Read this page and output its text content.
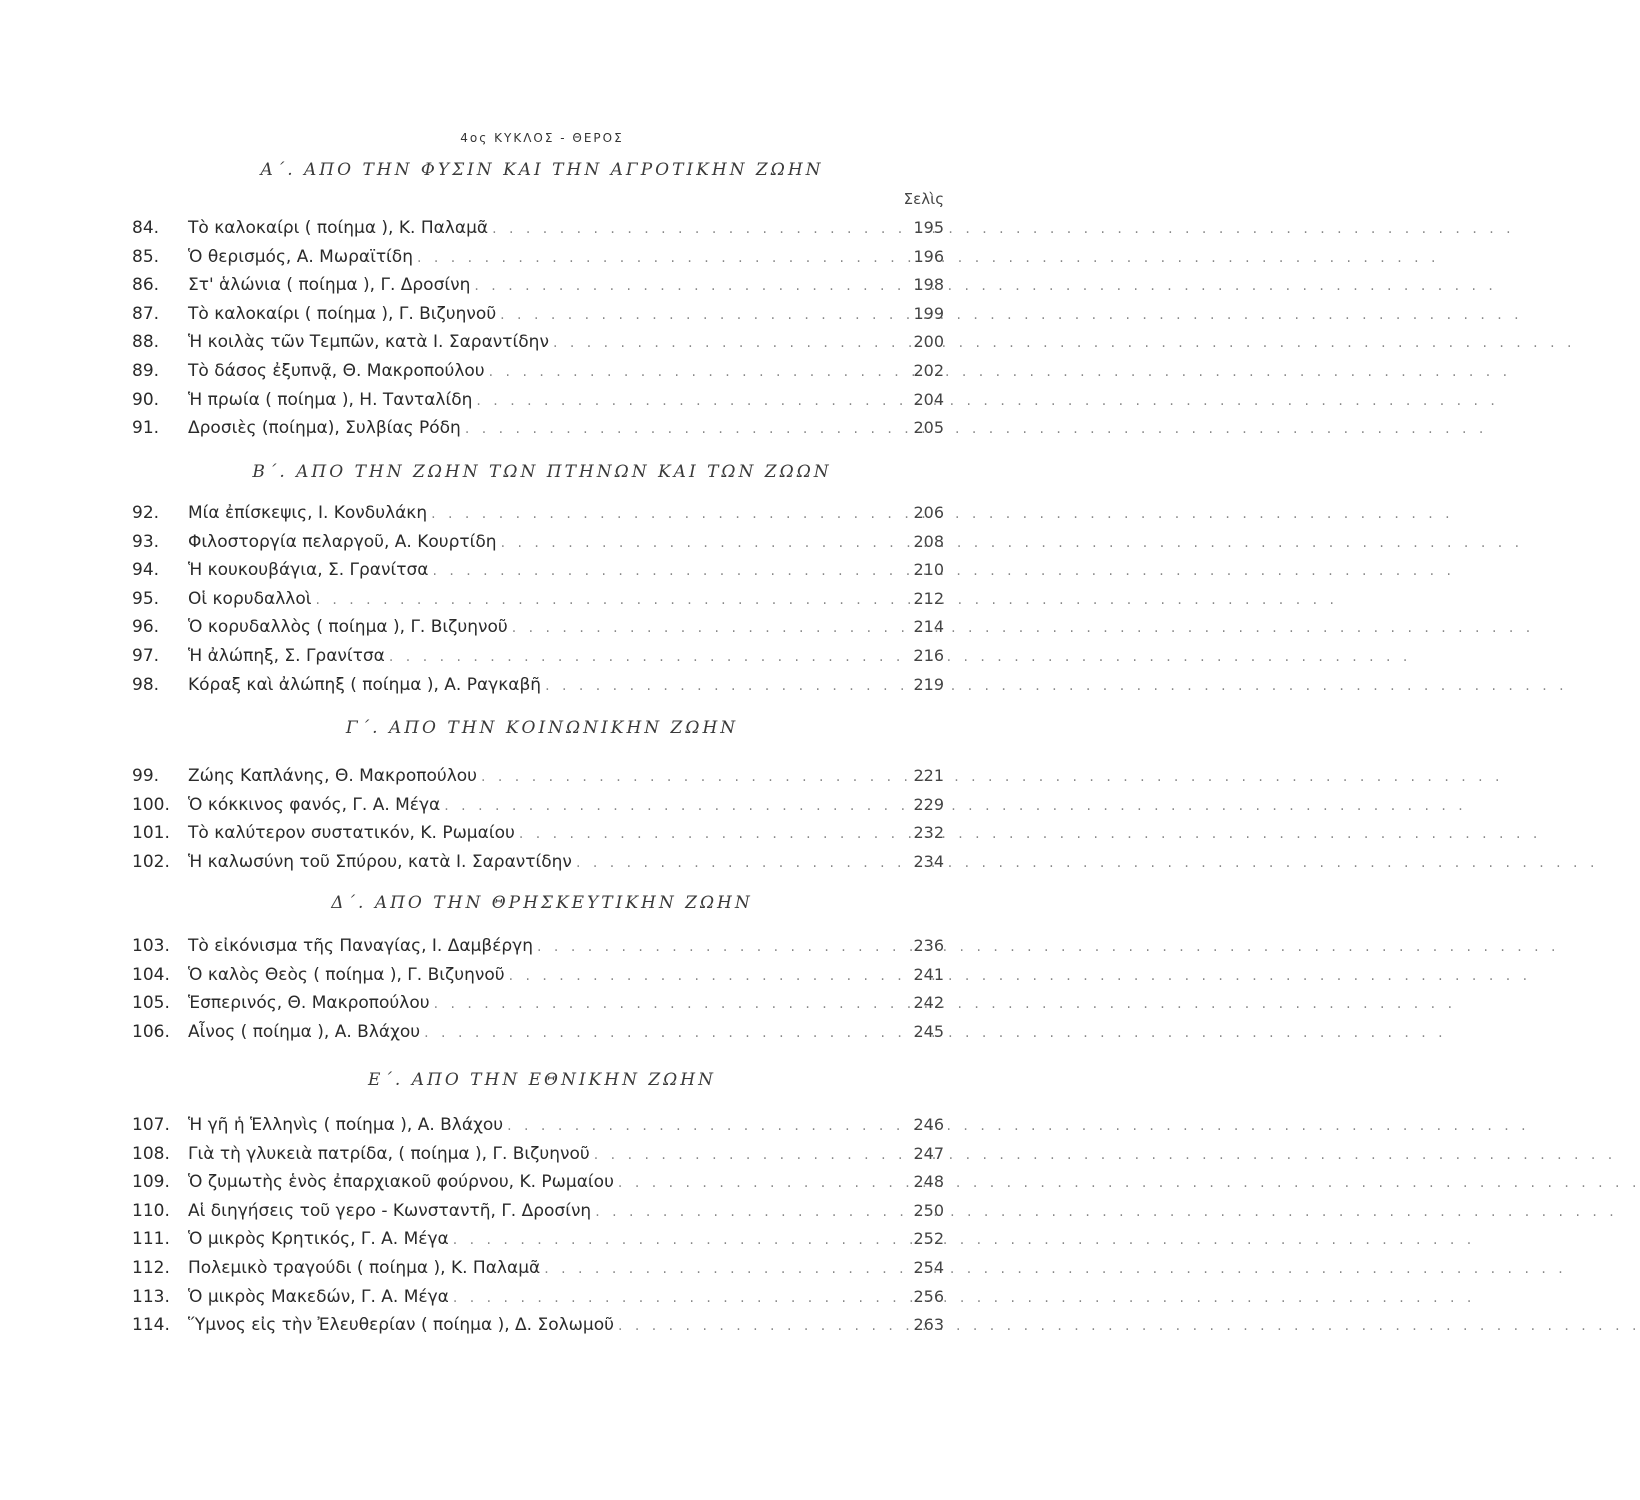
4ος ΚΥΚΛΟΣ - ΘΕΡΟΣ
Σελὶς
Α΄. ΑΠΟ ΤΗΝ ΦΥΣΙΝ ΚΑΙ ΤΗΝ ΑΓΡΟΤΙΚΗΝ ΖΩΗΝ
84.	Τὸ καλοκαίρι ( ποίημα ), Κ. Παλαμᾶ . . .	195
85.	Ὁ θερισμός, Α. Μωραϊτίδη . . .	196
86.	Στ' ἁλώνια ( ποίημα ), Γ. Δροσίνη . . .	198
87.	Τὸ καλοκαίρι ( ποίημα ), Γ. Βιζυηνοῦ . . .	199
88.	Ἡ κοιλὰς τῶν Τεμπῶν, κατὰ Ι. Σαραντίδην . . .	200
89.	Τὸ δάσος ἐξυπνᾷ, Θ. Μακροπούλου . . .	202
90.	Ἡ πρωία ( ποίημα ), Η. Τανταλίδη . . .	204
91.	Δροσιὲς (ποίημα), Συλβίας Ρόδη . . .	205
Β΄. ΑΠΟ ΤΗΝ ΖΩΗΝ ΤΩΝ ΠΤΗΝΩΝ ΚΑΙ ΤΩΝ ΖΩΩΝ
92.	Μία ἐπίσκεψις, Ι. Κονδυλάκη . . .	206
93.	Φιλοστοργία πελαργοῦ, Α. Κουρτίδη . . .	208
94.	Ἡ κουκουβάγια, Σ. Γρανίτσα . . .	210
95.	Οἱ κορυδαλλοὶ . . .	212
96.	Ὁ κορυδαλλὸς ( ποίημα ), Γ. Βιζυηνοῦ . . .	214
97.	Ἡ ἀλώπηξ, Σ. Γρανίτσα . . .	216
98.	Κόραξ καὶ ἀλώπηξ ( ποίημα ), Α. Ραγκαβῆ . . .	219
Γ΄. ΑΠΟ ΤΗΝ ΚΟΙΝΩΝΙΚΗΝ ΖΩΗΝ
99.	Ζώης Καπλάνης, Θ. Μακροπούλου . . .	221
100.	Ὁ κόκκινος φανός, Γ. Α. Μέγα . . .	229
101.	Τὸ καλύτερον συστατικόν, Κ. Ρωμαίου . . .	232
102.	Ἡ καλωσύνη τοῦ Σπύρου, κατὰ Ι. Σαραντίδην . . .	234
Δ΄. ΑΠΟ ΤΗΝ ΘΡΗΣΚΕΥΤΙΚΗΝ ΖΩΗΝ
103.	Τὸ εἰκόνισμα τῆς Παναγίας, Ι. Δαμβέργη . . .	236
104.	Ὁ καλὸς Θεὸς ( ποίημα ), Γ. Βιζυηνοῦ . . .	241
105.	Ἑσπερινός, Θ. Μακροπούλου . . .	242
106.	Αἶνος ( ποίημα ), Α. Βλάχου . . .	245
Ε΄. ΑΠΟ ΤΗΝ ΕΘΝΙΚΗΝ ΖΩΗΝ
107.	Ἡ γῆ ἡ Ἑλληνὶς ( ποίημα ), Α. Βλάχου . . .	246
108.	Γιὰ τὴ γλυκειὰ πατρίδα, ( ποίημα ), Γ. Βιζυηνοῦ . . .	247
109.	Ὁ ζυμωτὴς ἑνὸς ἐπαρχιακοῦ φούρνου, Κ. Ρωμαίου . . .	248
110.	Αἱ διηγήσεις τοῦ γερο - Κωνσταντῆ, Γ. Δροσίνη . . .	250
111.	Ὁ μικρὸς Κρητικός, Γ. Α. Μέγα . . .	252
112.	Πολεμικὸ τραγούδι ( ποίημα ), Κ. Παλαμᾶ . . .	254
113.	Ὁ μικρὸς Μακεδών, Γ. Α. Μέγα . . .	256
114.	Ὕμνος εἰς τὴν Ἐλευθερίαν ( ποίημα ), Δ. Σολωμοῦ . . .	263
